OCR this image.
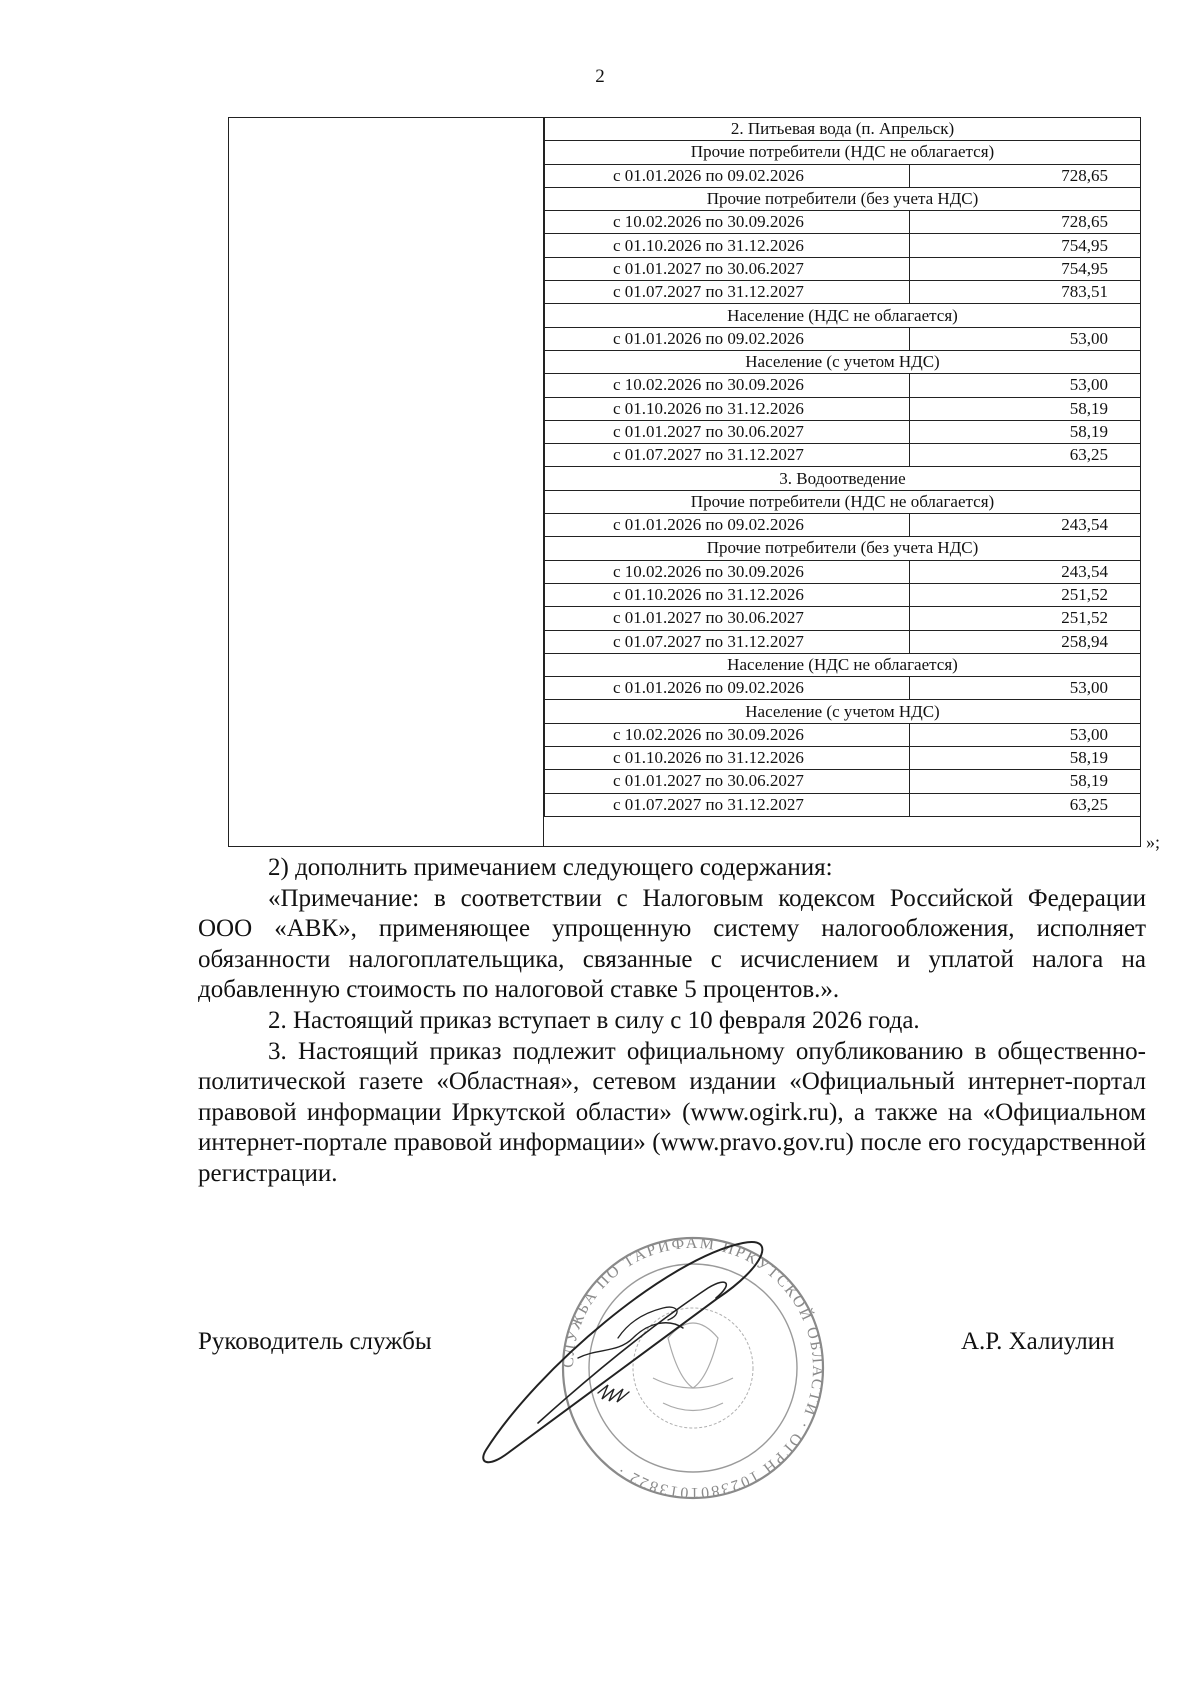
2
2. Питьевая вода (п. Апрельск)	
Прочие потребители (НДС не облагается)	
с 01.01.2026 по 09.02.2026	728,65
Прочие потребители (без учета НДС)	
с 10.02.2026 по 30.09.2026	728,65
с 01.10.2026 по 31.12.2026	754,95
с 01.01.2027 по 30.06.2027	754,95
с 01.07.2027 по 31.12.2027	783,51
Население (НДС не облагается)	
с 01.01.2026 по 09.02.2026	53,00
Население (с учетом НДС)	
с 10.02.2026 по 30.09.2026	53,00
с 01.10.2026 по 31.12.2026	58,19
с 01.01.2027 по 30.06.2027	58,19
с 01.07.2027 по 31.12.2027	63,25
3. Водоотведение	
Прочие потребители (НДС не облагается)	
с 01.01.2026 по 09.02.2026	243,54
Прочие потребители (без учета НДС)	
с 10.02.2026 по 30.09.2026	243,54
с 01.10.2026 по 31.12.2026	251,52
с 01.01.2027 по 30.06.2027	251,52
с 01.07.2027 по 31.12.2027	258,94
Население (НДС не облагается)	
с 01.01.2026 по 09.02.2026	53,00
Население (с учетом НДС)	
с 10.02.2026 по 30.09.2026	53,00
с 01.10.2026 по 31.12.2026	58,19
с 01.01.2027 по 30.06.2027	58,19
с 01.07.2027 по 31.12.2027	63,25
»;

2) дополнить примечанием следующего содержания:

«Примечание: в соответствии с Налоговым кодексом Российской Федерации ООО «АВК», применяющее упрощенную систему налогообложения, исполняет обязанности налогоплательщика, связанные с исчислением и уплатой налога на добавленную стоимость по налоговой ставке 5 процентов.».

2. Настоящий приказ вступает в силу с 10 февраля 2026 года.

3. Настоящий приказ подлежит официальному опубликованию в общественно-политической газете «Областная», сетевом издании «Официальный интернет-портал правовой информации Иркутской области» (www.ogirk.ru), а также на «Официальном интернет-портале правовой информации» (www.pravo.gov.ru) после его государственной регистрации.

Руководитель службы	А.Р. Халиулин
СЛУЖБА ПО ТАРИФАМ ИРКУТСКОЙ ОБЛАСТИ · ОГРН 1023801013822 ·
